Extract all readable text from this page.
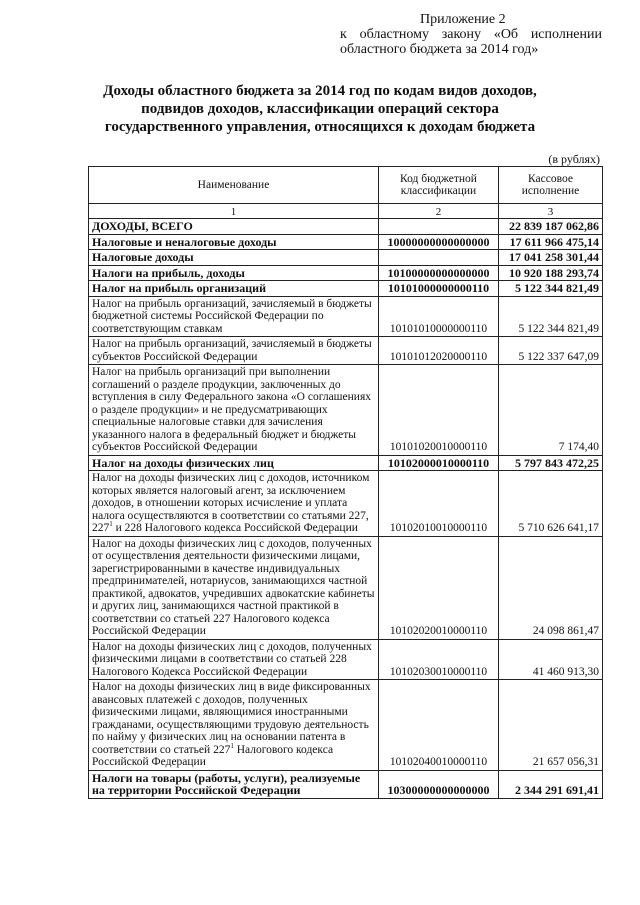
Приложение 2
к областному закону «Об исполнении
областного бюджета за 2014 год»
Доходы областного бюджета за 2014 год по кодам видов доходов,
подвидов доходов, классификации операций сектора
государственного управления, относящихся к доходам бюджета
(в рублях)
Наименование	Код бюджетной классификации	Кассовое исполнение
1	2	3
ДОХОДЫ, ВСЕГО		22 839 187 062,86
Налоговые и неналоговые доходы	10000000000000000	17 611 966 475,14
Налоговые доходы		17 041 258 301,44
Налоги на прибыль, доходы	10100000000000000	10 920 188 293,74
Налог на прибыль организаций	10101000000000110	5 122 344 821,49
Налог на прибыль организаций, зачисляемый в бюджеты бюджетной системы Российской Федерации по соответствующим ставкам	10101010000000110	5 122 344 821,49
Налог на прибыль организаций, зачисляемый в бюджеты субъектов Российской Федерации	10101012020000110	5 122 337 647,09
Налог на прибыль организаций при выполнении соглашений о разделе продукции, заключенных до вступления в силу Федерального закона «О соглашениях о разделе продукции» и не предусматривающих специальные налоговые ставки для зачисления указанного налога в федеральный бюджет и бюджеты субъектов Российской Федерации	10101020010000110	7 174,40
Налог на доходы физических лиц	10102000010000110	5 797 843 472,25
Налог на доходы физических лиц с доходов, источником которых является налоговый агент, за исключением доходов, в отношении которых исчисление и уплата налога осуществляются в соответствии со статьями 227, $227^1$ и 228 Налогового кодекса Российской Федерации	10102010010000110	5 710 626 641,17
Налог на доходы физических лиц с доходов, полученных от осуществления деятельности физическими лицами, зарегистрированными в качестве индивидуальных предпринимателей, нотариусов, занимающихся частной практикой, адвокатов, учредивших адвокатские кабинеты и других лиц, занимающихся частной практикой в соответствии со статьей 227 Налогового кодекса Российской Федерации	10102020010000110	24 098 861,47
Налог на доходы физических лиц с доходов, полученных физическими лицами в соответствии со статьей 228 Налогового Кодекса Российской Федерации	10102030010000110	41 460 913,30
Налог на доходы физических лиц в виде фиксированных авансовых платежей с доходов, полученных физическими лицами, являющимися иностранными гражданами, осуществляющими трудовую деятельность по найму у физических лиц на основании патента в соответствии со статьей $227^1$ Налогового кодекса Российской Федерации	10102040010000110	21 657 056,31
Налоги на товары (работы, услуги), реализуемые на территории Российской Федерации	10300000000000000	2 344 291 691,41
